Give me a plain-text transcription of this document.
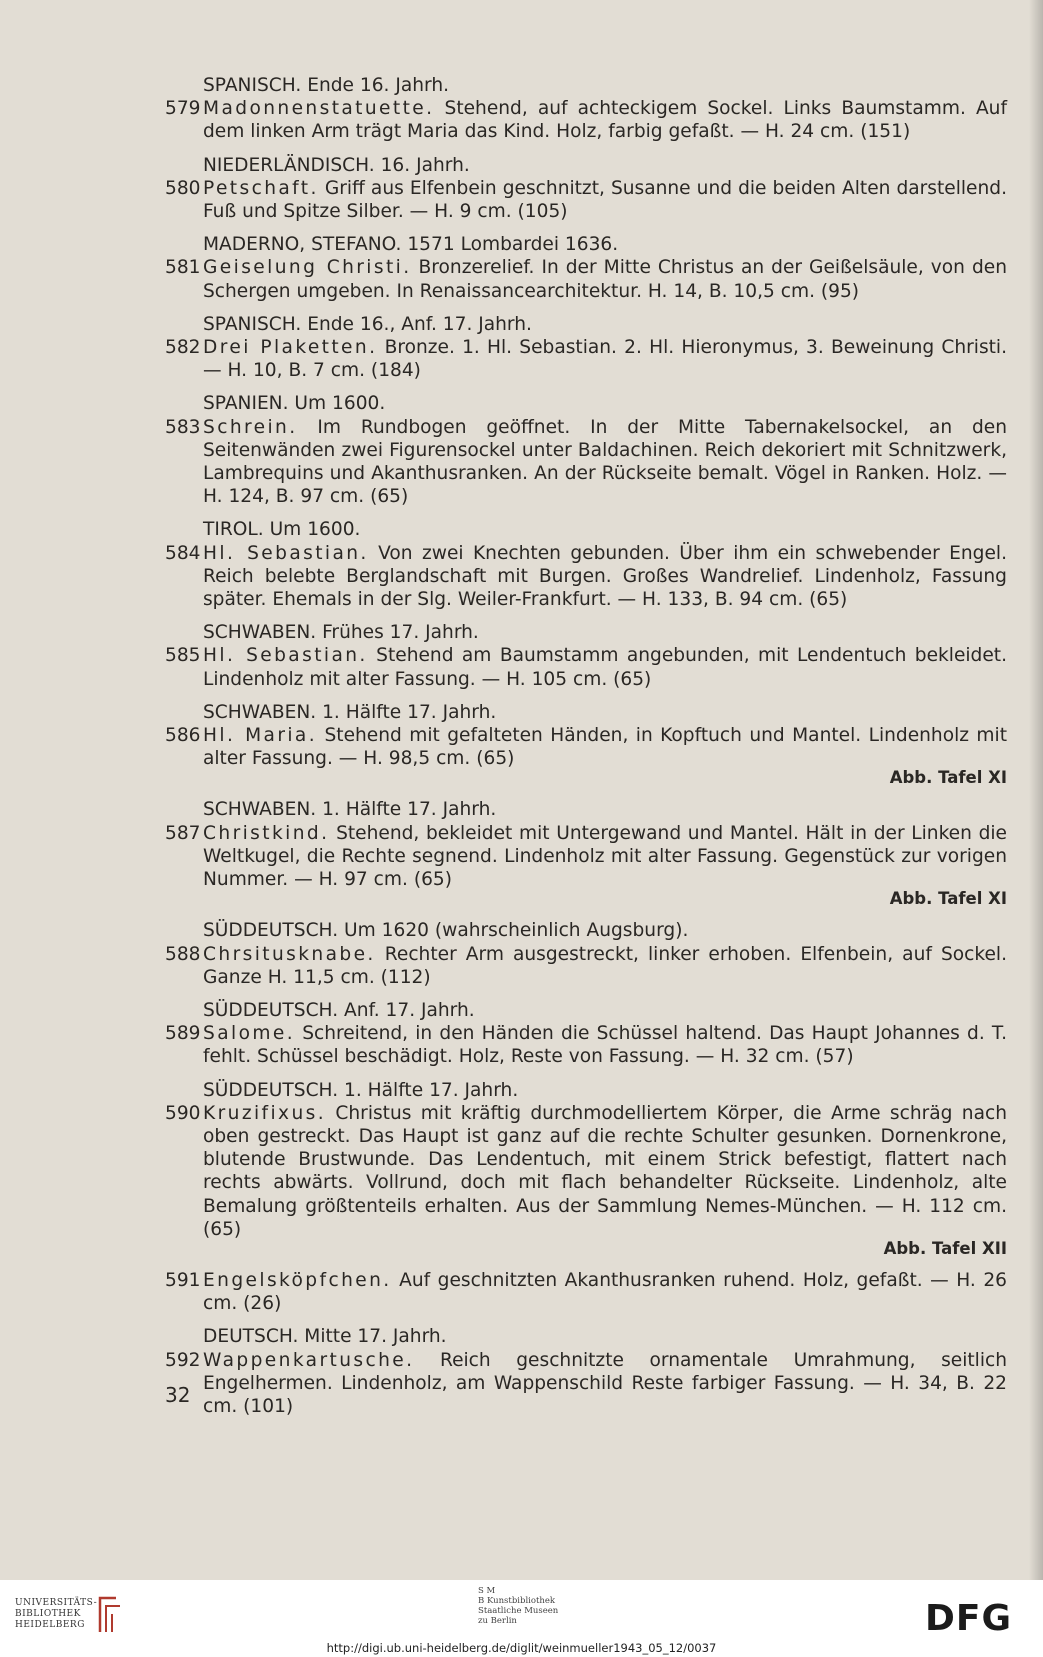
SPANISCH. Ende 16. Jahrh.
579 Madonnenstatuette. Stehend, auf achteckigem Sockel. Links Baumstamm. Auf dem linken Arm trägt Maria das Kind. Holz, farbig gefaßt. — H. 24 cm. (151)
NIEDERLÄNDISCH. 16. Jahrh.
580 Petschaft. Griff aus Elfenbein geschnitzt, Susanne und die beiden Alten darstellend. Fuß und Spitze Silber. — H. 9 cm. (105)
MADERNO, STEFANO. 1571 Lombardei 1636.
581 Geiselung Christi. Bronzerelief. In der Mitte Christus an der Geißelsäule, von den Schergen umgeben. In Renaissancearchitektur. H. 14, B. 10,5 cm. (95)
SPANISCH. Ende 16., Anf. 17. Jahrh.
582 Drei Plaketten. Bronze. 1. Hl. Sebastian. 2. Hl. Hieronymus, 3. Beweinung Christi. — H. 10, B. 7 cm. (184)
SPANIEN. Um 1600.
583 Schrein. Im Rundbogen geöffnet. In der Mitte Tabernakelsockel, an den Seitenwänden zwei Figurensockel unter Baldachinen. Reich dekoriert mit Schnitzwerk, Lambrequins und Akanthusranken. An der Rückseite bemalt. Vögel in Ranken. Holz. — H. 124, B. 97 cm. (65)
TIROL. Um 1600.
584 Hl. Sebastian. Von zwei Knechten gebunden. Über ihm ein schwebender Engel. Reich belebte Berglandschaft mit Burgen. Großes Wandrelief. Lindenholz, Fassung später. Ehemals in der Slg. Weiler-Frankfurt. — H. 133, B. 94 cm. (65)
SCHWABEN. Frühes 17. Jahrh.
585 Hl. Sebastian. Stehend am Baumstamm angebunden, mit Lendentuch bekleidet. Lindenholz mit alter Fassung. — H. 105 cm. (65)
SCHWABEN. 1. Hälfte 17. Jahrh.
586 Hl. Maria. Stehend mit gefalteten Händen, in Kopftuch und Mantel. Lindenholz mit alter Fassung. — H. 98,5 cm. (65)
Abb. Tafel XI
SCHWABEN. 1. Hälfte 17. Jahrh.
587 Christkind. Stehend, bekleidet mit Untergewand und Mantel. Hält in der Linken die Weltkugel, die Rechte segnend. Lindenholz mit alter Fassung. Gegenstück zur vorigen Nummer. — H. 97 cm. (65)
Abb. Tafel XI
SÜDDEUTSCH. Um 1620 (wahrscheinlich Augsburg).
588 Chrsitusknabe. Rechter Arm ausgestreckt, linker erhoben. Elfenbein, auf Sockel. Ganze H. 11,5 cm. (112)
SÜDDEUTSCH. Anf. 17. Jahrh.
589 Salome. Schreitend, in den Händen die Schüssel haltend. Das Haupt Johannes d. T. fehlt. Schüssel beschädigt. Holz, Reste von Fassung. — H. 32 cm. (57)
SÜDDEUTSCH. 1. Hälfte 17. Jahrh.
590 Kruzifixus. Christus mit kräftig durchmodelliertem Körper, die Arme schräg nach oben gestreckt. Das Haupt ist ganz auf die rechte Schulter gesunken. Dornenkrone, blutende Brustwunde. Das Lendentuch, mit einem Strick befestigt, flattert nach rechts abwärts. Vollrund, doch mit flach behandelter Rückseite. Lindenholz, alte Bemalung größtenteils erhalten. Aus der Sammlung Nemes-München. — H. 112 cm. (65)
Abb. Tafel XII
591 Engelsköpfchen. Auf geschnitzten Akanthusranken ruhend. Holz, gefaßt. — H. 26 cm. (26)
DEUTSCH. Mitte 17. Jahrh.
592 Wappenkartusche. Reich geschnitzte ornamentale Umrahmung, seitlich Engelhermen. Lindenholz, am Wappenschild Reste farbiger Fassung. — H. 34, B. 22 cm. (101)
32
UNIVERSITÄTS-
BIBLIOTHEK
HEIDELBERG
S M
B Kunstbibliothek
Staatliche Museen
zu Berlin	DFG
http://digi.ub.uni-heidelberg.de/diglit/weinmueller1943_05_12/0037
